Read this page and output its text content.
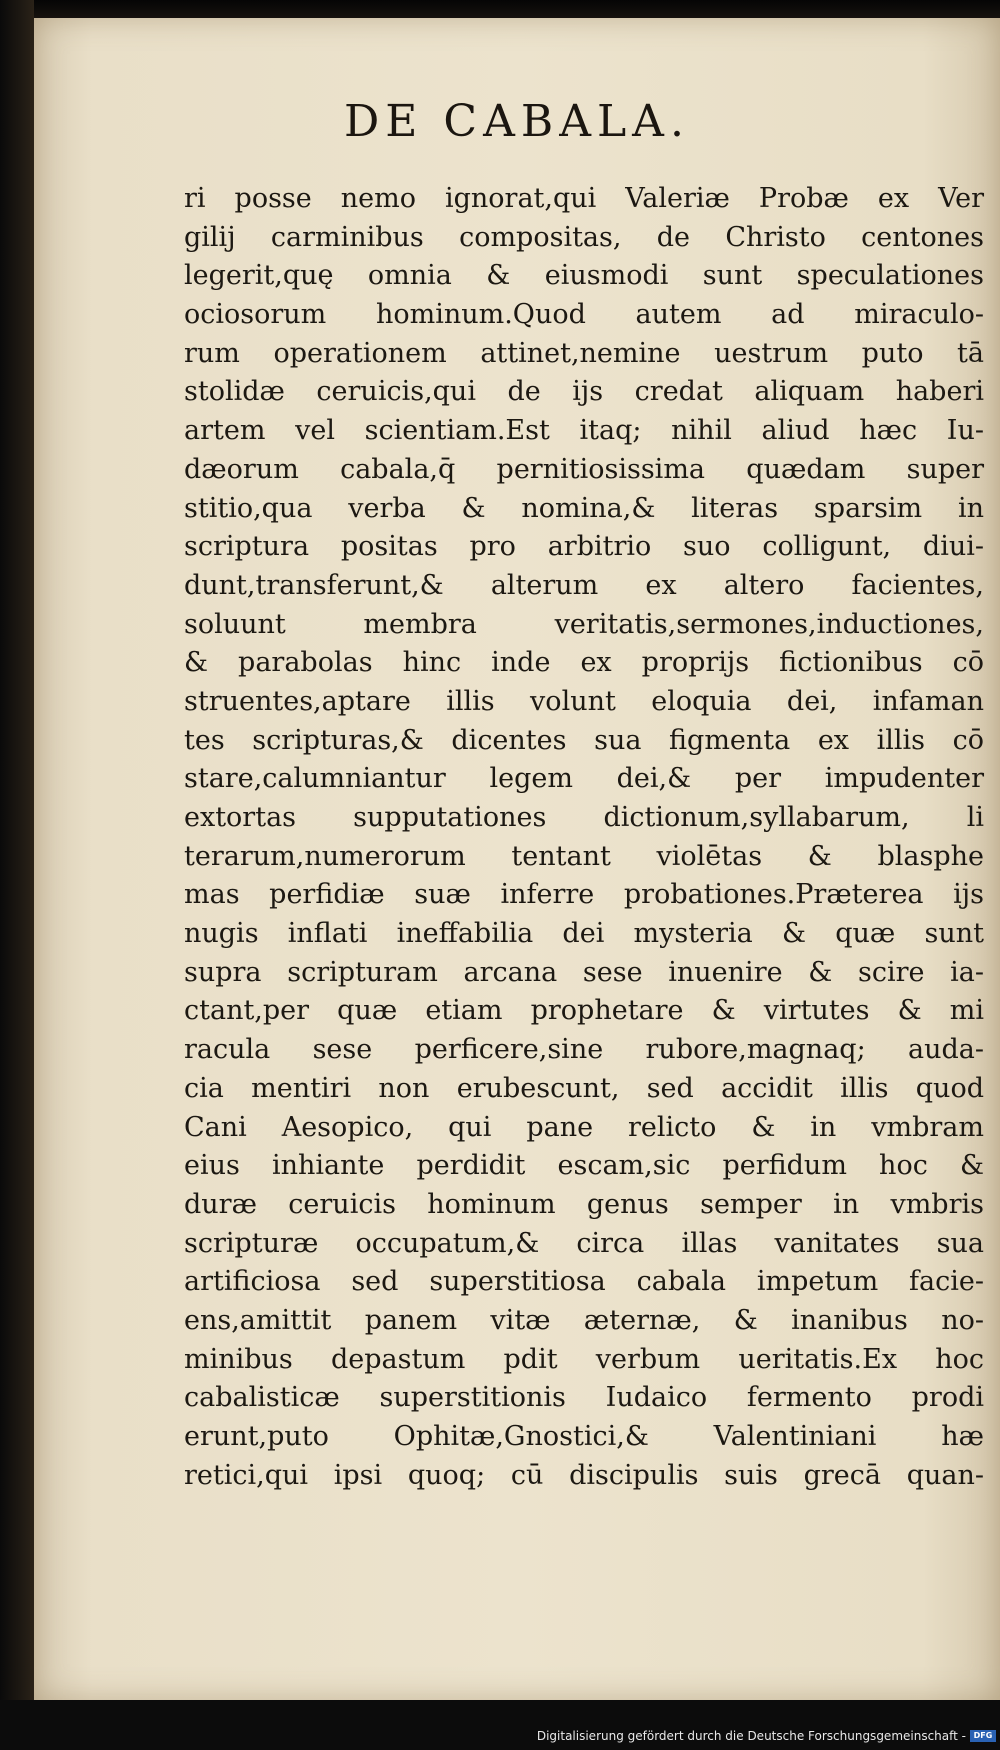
DE CABALA.
ri posse nemo ignorat,qui Valeriæ Probæ ex Ver
gilij carminibus compositas, de Christo centones
legerit,quę omnia & eiusmodi sunt speculationes
ociosorum hominum.Quod autem ad miraculo-
rum operationem attinet,nemine uestrum puto tā
stolidæ ceruicis,qui de ijs credat aliquam haberi
artem vel scientiam.Est itaq; nihil aliud hæc Iu-
dæorum cabala,q̄ pernitiosissima quædam super
stitio,qua verba & nomina,& literas sparsim in
scriptura positas pro arbitrio suo colligunt, diui-
dunt,transferunt,& alterum ex altero facientes,
soluunt membra veritatis,sermones,inductiones,
& parabolas hinc inde ex proprijs fictionibus cō
struentes,aptare illis volunt eloquia dei, infaman
tes scripturas,& dicentes sua figmenta ex illis cō
stare,calumniantur legem dei,& per impudenter
extortas supputationes dictionum,syllabarum, li
terarum,numerorum tentant violētas & blasphe
mas perfidiæ suæ inferre probationes.Præterea ijs
nugis inflati ineffabilia dei mysteria & quæ sunt
supra scripturam arcana sese inuenire & scire ia-
ctant,per quæ etiam prophetare & virtutes & mi
racula sese perficere,sine rubore,magnaq; auda-
cia mentiri non erubescunt, sed accidit illis quod
Cani Aesopico, qui pane relicto & in vmbram
eius inhiante perdidit escam,sic perfidum hoc &
duræ ceruicis hominum genus semper in vmbris
scripturæ occupatum,& circa illas vanitates sua
artificiosa sed superstitiosa cabala impetum facie-
ens,amittit panem vitæ æternæ, & inanibus no-
minibus depastum pdit verbum ueritatis.Ex hoc
cabalisticæ superstitionis Iudaico fermento prodi
erunt,puto Ophitæ,Gnostici,& Valentiniani hæ
retici,qui ipsi quoq; cū discipulis suis grecā quan-
Digitalisierung gefördert durch die Deutsche Forschungsgemeinschaft - DFG
